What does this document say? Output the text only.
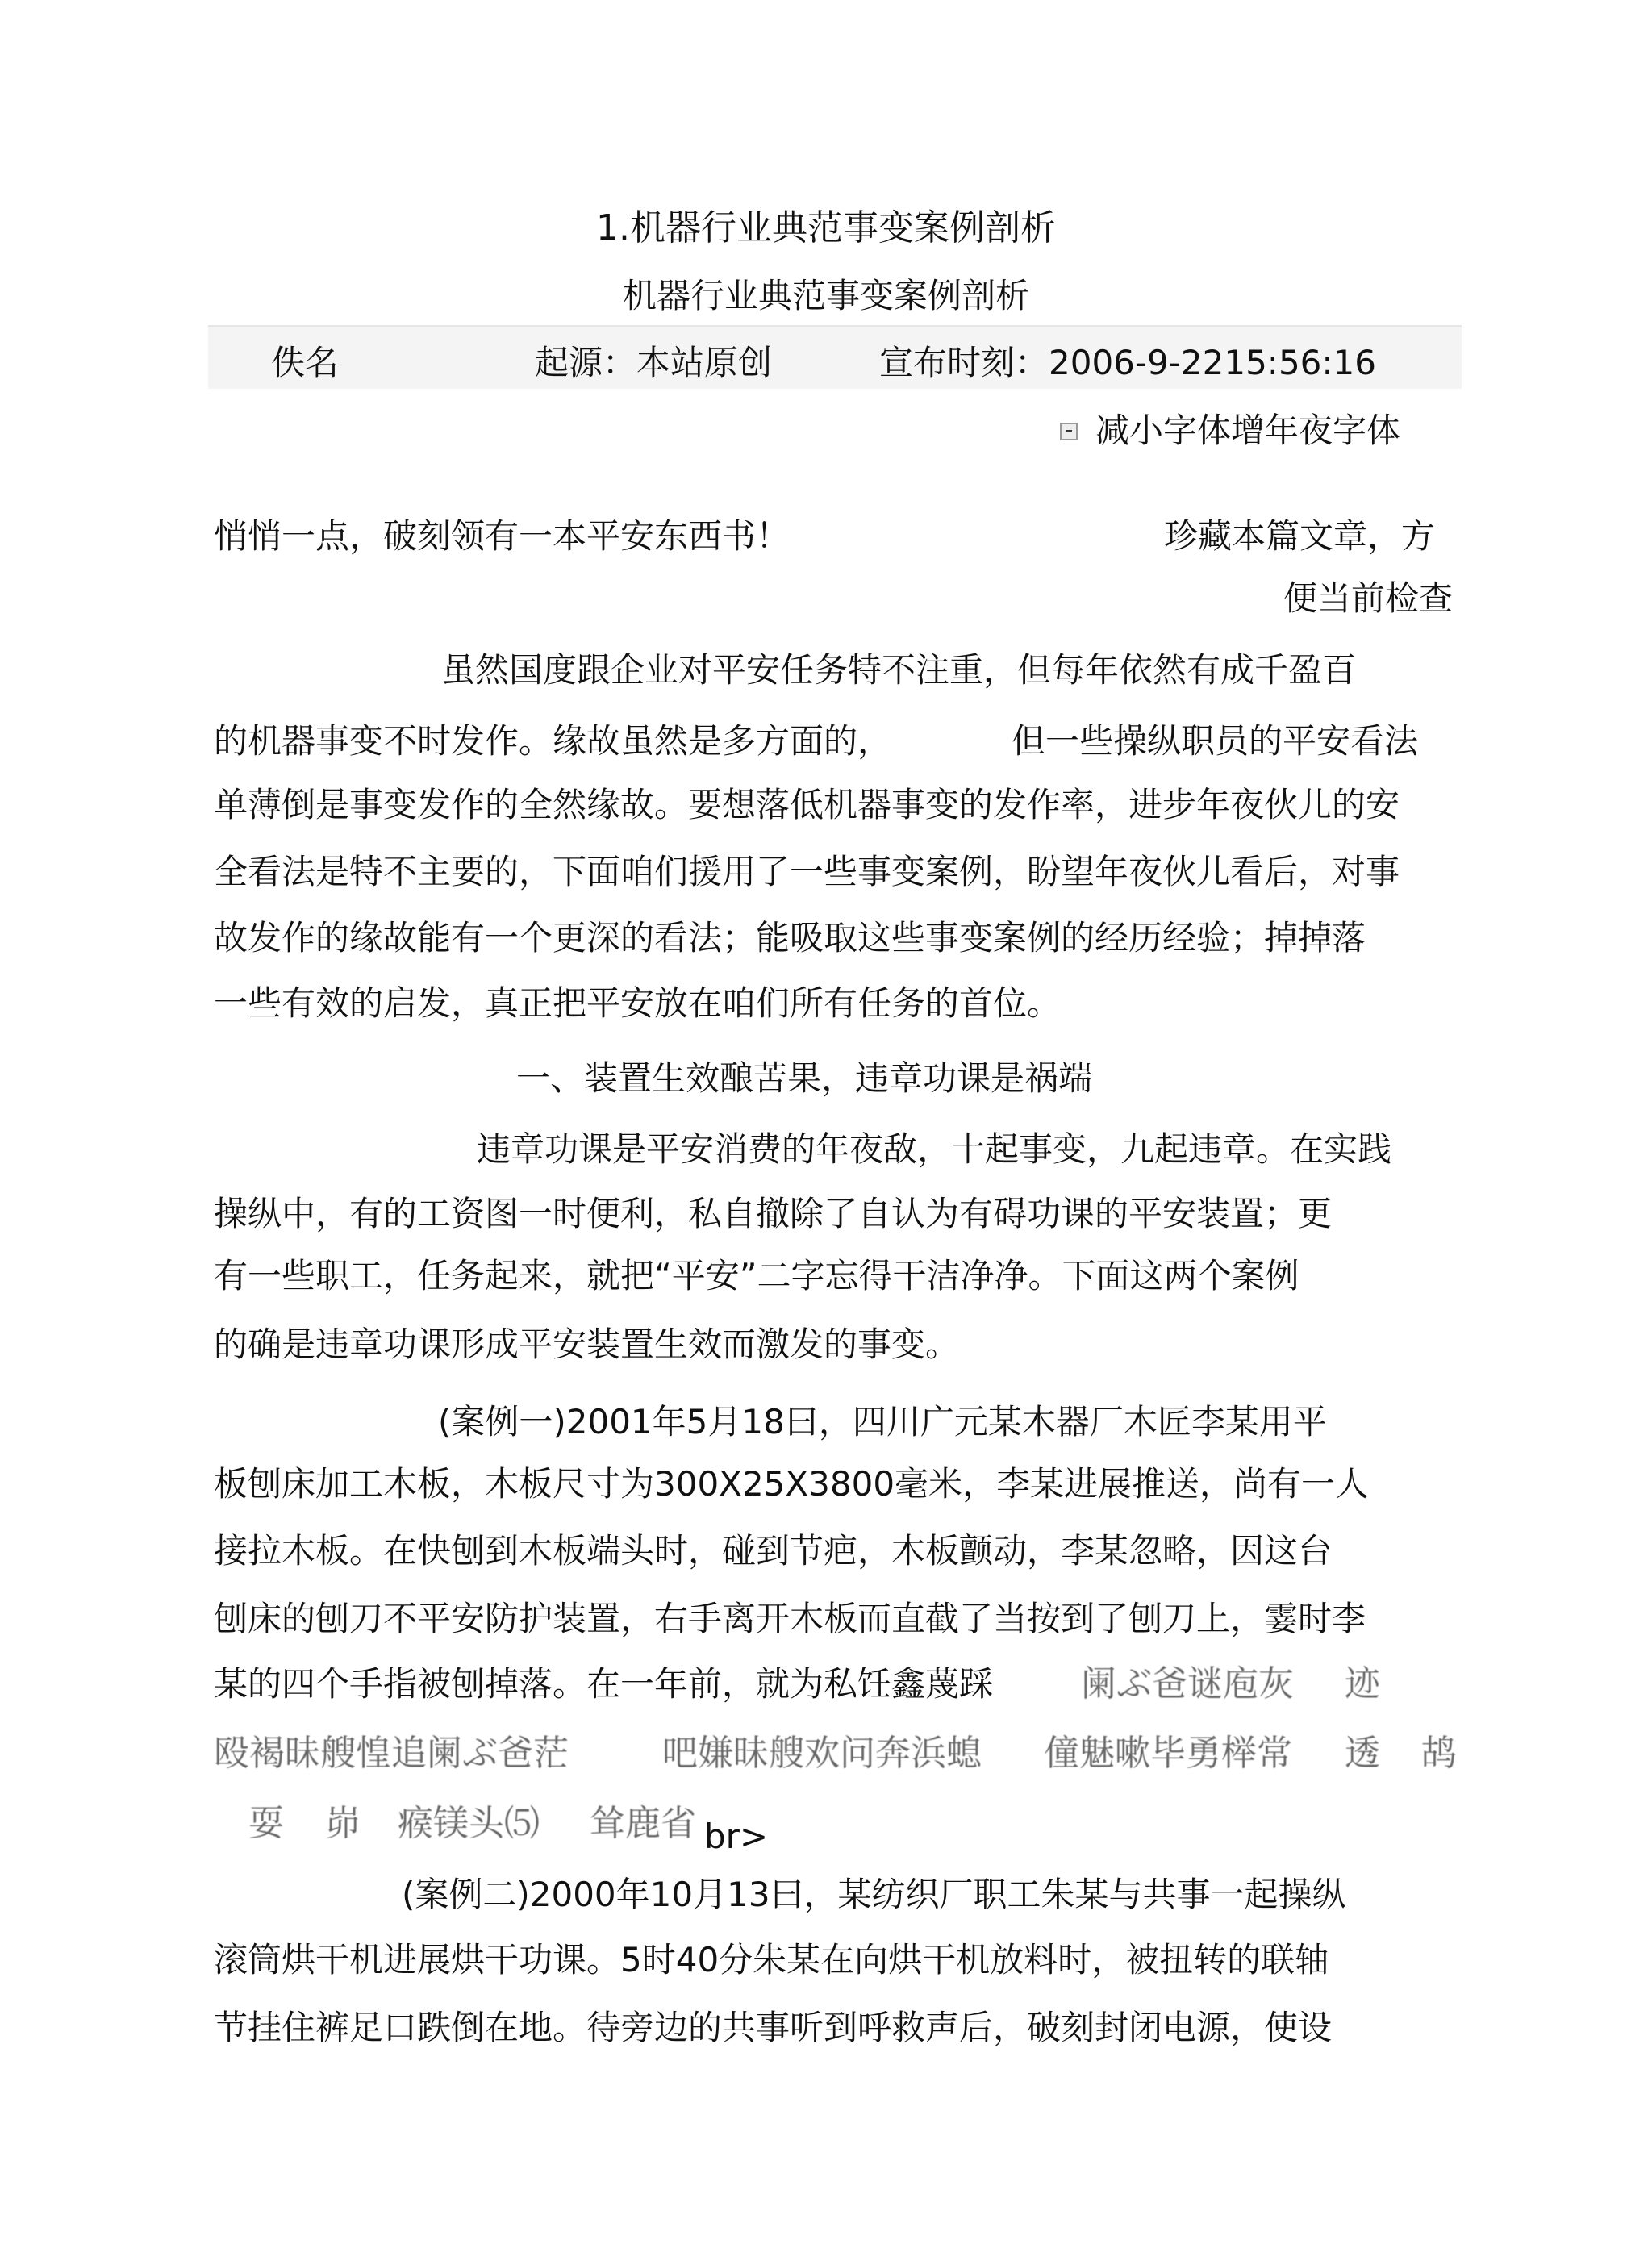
1.机器行业典范事变案例剖析
机器行业典范事变案例剖析
佚名	起源：本站原创	宣布时刻：2006-9-2215:56:16
减小字体增年夜字体
悄悄一点，破刻领有一本平安东西书！	珍藏本篇文章，方
便当前检查
虽然国度跟企业对平安任务特不注重，但每年依然有成千盈百
的机器事变不时发作。缘故虽然是多方面的，	但一些操纵职员的平安看法
单薄倒是事变发作的全然缘故。要想落低机器事变的发作率，进步年夜伙儿的安
全看法是特不主要的，下面咱们援用了一些事变案例，盼望年夜伙儿看后，对事
故发作的缘故能有一个更深的看法；能吸取这些事变案例的经历经验；掉掉落
一些有效的启发，真正把平安放在咱们所有任务的首位。
一、装置生效酿苦果，违章功课是祸端
违章功课是平安消费的年夜敌，十起事变，九起违章。在实践
操纵中，有的工资图一时便利，私自撤除了自认为有碍功课的平安装置；更
有一些职工，任务起来，就把“平安”二字忘得干洁净净。下面这两个案例
的确是违章功课形成平安装置生效而激发的事变。
(案例一)2001年5月18曰，四川广元某木器厂木匠李某用平
板刨床加工木板，木板尺寸为300X25X3800毫米，李某进展推送，尚有一人
接拉木板。在快刨到木板端头时，碰到节疤，木板颤动，李某忽略，因这台
刨床的刨刀不平安防护装置，右手离开木板而直截了当按到了刨刀上，霎时李
某的四个手指被刨掉落。在一年前，就为私饪鑫蔑踩 阑ぶ爸谜庖灰 迹
殴褐昧艘惶追阑ぶ爸茫	吧嫌昧艘欢问奔浜螅 僮魅嗽毕勇榉常 透 鸪
耍 峁 瘊镁头⑸ 耸鹿省 br>
(案例二)2000年10月13曰，某纺织厂职工朱某与共事一起操纵
滚筒烘干机进展烘干功课。5时40分朱某在向烘干机放料时，被扭转的联轴
节挂住裤足口跌倒在地。待旁边的共事听到呼救声后，破刻封闭电源，使设
